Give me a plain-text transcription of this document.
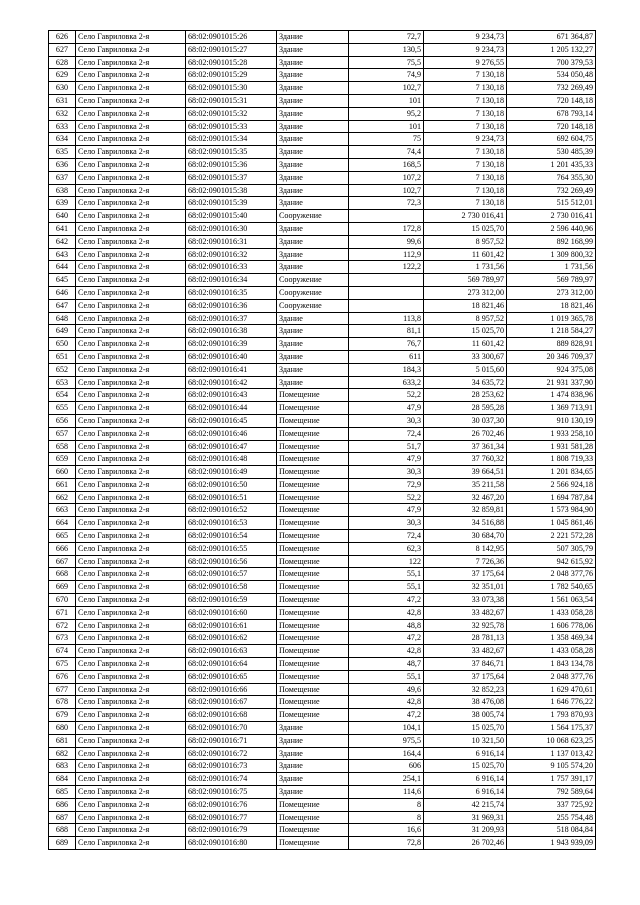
626	Село Гавриловка 2-я	68:02:0901015:26	Здание	72,7	9 234,73	671 364,87
627	Село Гавриловка 2-я	68:02:0901015:27	Здание	130,5	9 234,73	1 205 132,27
628	Село Гавриловка 2-я	68:02:0901015:28	Здание	75,5	9 276,55	700 379,53
629	Село Гавриловка 2-я	68:02:0901015:29	Здание	74,9	7 130,18	534 050,48
630	Село Гавриловка 2-я	68:02:0901015:30	Здание	102,7	7 130,18	732 269,49
631	Село Гавриловка 2-я	68:02:0901015:31	Здание	101	7 130,18	720 148,18
632	Село Гавриловка 2-я	68:02:0901015:32	Здание	95,2	7 130,18	678 793,14
633	Село Гавриловка 2-я	68:02:0901015:33	Здание	101	7 130,18	720 148,18
634	Село Гавриловка 2-я	68:02:0901015:34	Здание	75	9 234,73	692 604,75
635	Село Гавриловка 2-я	68:02:0901015:35	Здание	74,4	7 130,18	530 485,39
636	Село Гавриловка 2-я	68:02:0901015:36	Здание	168,5	7 130,18	1 201 435,33
637	Село Гавриловка 2-я	68:02:0901015:37	Здание	107,2	7 130,18	764 355,30
638	Село Гавриловка 2-я	68:02:0901015:38	Здание	102,7	7 130,18	732 269,49
639	Село Гавриловка 2-я	68:02:0901015:39	Здание	72,3	7 130,18	515 512,01
640	Село Гавриловка 2-я	68:02:0901015:40	Сооружение		2 730 016,41	2 730 016,41
641	Село Гавриловка 2-я	68:02:0901016:30	Здание	172,8	15 025,70	2 596 440,96
642	Село Гавриловка 2-я	68:02:0901016:31	Здание	99,6	8 957,52	892 168,99
643	Село Гавриловка 2-я	68:02:0901016:32	Здание	112,9	11 601,42	1 309 800,32
644	Село Гавриловка 2-я	68:02:0901016:33	Здание	122,2	1 731,56	1 731,56
645	Село Гавриловка 2-я	68:02:0901016:34	Сооружение		569 789,97	569 789,97
646	Село Гавриловка 2-я	68:02:0901016:35	Сооружение		273 312,00	273 312,00
647	Село Гавриловка 2-я	68:02:0901016:36	Сооружение		18 821,46	18 821,46
648	Село Гавриловка 2-я	68:02:0901016:37	Здание	113,8	8 957,52	1 019 365,78
649	Село Гавриловка 2-я	68:02:0901016:38	Здание	81,1	15 025,70	1 218 584,27
650	Село Гавриловка 2-я	68:02:0901016:39	Здание	76,7	11 601,42	889 828,91
651	Село Гавриловка 2-я	68:02:0901016:40	Здание	611	33 300,67	20 346 709,37
652	Село Гавриловка 2-я	68:02:0901016:41	Здание	184,3	5 015,60	924 375,08
653	Село Гавриловка 2-я	68:02:0901016:42	Здание	633,2	34 635,72	21 931 337,90
654	Село Гавриловка 2-я	68:02:0901016:43	Помещение	52,2	28 253,62	1 474 838,96
655	Село Гавриловка 2-я	68:02:0901016:44	Помещение	47,9	28 595,28	1 369 713,91
656	Село Гавриловка 2-я	68:02:0901016:45	Помещение	30,3	30 037,30	910 130,19
657	Село Гавриловка 2-я	68:02:0901016:46	Помещение	72,4	26 702,46	1 933 258,10
658	Село Гавриловка 2-я	68:02:0901016:47	Помещение	51,7	37 361,34	1 931 581,28
659	Село Гавриловка 2-я	68:02:0901016:48	Помещение	47,9	37 760,32	1 808 719,33
660	Село Гавриловка 2-я	68:02:0901016:49	Помещение	30,3	39 664,51	1 201 834,65
661	Село Гавриловка 2-я	68:02:0901016:50	Помещение	72,9	35 211,58	2 566 924,18
662	Село Гавриловка 2-я	68:02:0901016:51	Помещение	52,2	32 467,20	1 694 787,84
663	Село Гавриловка 2-я	68:02:0901016:52	Помещение	47,9	32 859,81	1 573 984,90
664	Село Гавриловка 2-я	68:02:0901016:53	Помещение	30,3	34 516,88	1 045 861,46
665	Село Гавриловка 2-я	68:02:0901016:54	Помещение	72,4	30 684,70	2 221 572,28
666	Село Гавриловка 2-я	68:02:0901016:55	Помещение	62,3	8 142,95	507 305,79
667	Село Гавриловка 2-я	68:02:0901016:56	Помещение	122	7 726,36	942 615,92
668	Село Гавриловка 2-я	68:02:0901016:57	Помещение	55,1	37 175,64	2 048 377,76
669	Село Гавриловка 2-я	68:02:0901016:58	Помещение	55,1	32 351,01	1 782 540,65
670	Село Гавриловка 2-я	68:02:0901016:59	Помещение	47,2	33 073,38	1 561 063,54
671	Село Гавриловка 2-я	68:02:0901016:60	Помещение	42,8	33 482,67	1 433 058,28
672	Село Гавриловка 2-я	68:02:0901016:61	Помещение	48,8	32 925,78	1 606 778,06
673	Село Гавриловка 2-я	68:02:0901016:62	Помещение	47,2	28 781,13	1 358 469,34
674	Село Гавриловка 2-я	68:02:0901016:63	Помещение	42,8	33 482,67	1 433 058,28
675	Село Гавриловка 2-я	68:02:0901016:64	Помещение	48,7	37 846,71	1 843 134,78
676	Село Гавриловка 2-я	68:02:0901016:65	Помещение	55,1	37 175,64	2 048 377,76
677	Село Гавриловка 2-я	68:02:0901016:66	Помещение	49,6	32 852,23	1 629 470,61
678	Село Гавриловка 2-я	68:02:0901016:67	Помещение	42,8	38 476,08	1 646 776,22
679	Село Гавриловка 2-я	68:02:0901016:68	Помещение	47,2	38 005,74	1 793 870,93
680	Село Гавриловка 2-я	68:02:0901016:70	Здание	104,1	15 025,70	1 564 175,37
681	Село Гавриловка 2-я	68:02:0901016:71	Здание	975,5	10 321,50	10 068 623,25
682	Село Гавриловка 2-я	68:02:0901016:72	Здание	164,4	6 916,14	1 137 013,42
683	Село Гавриловка 2-я	68:02:0901016:73	Здание	606	15 025,70	9 105 574,20
684	Село Гавриловка 2-я	68:02:0901016:74	Здание	254,1	6 916,14	1 757 391,17
685	Село Гавриловка 2-я	68:02:0901016:75	Здание	114,6	6 916,14	792 589,64
686	Село Гавриловка 2-я	68:02:0901016:76	Помещение	8	42 215,74	337 725,92
687	Село Гавриловка 2-я	68:02:0901016:77	Помещение	8	31 969,31	255 754,48
688	Село Гавриловка 2-я	68:02:0901016:79	Помещение	16,6	31 209,93	518 084,84
689	Село Гавриловка 2-я	68:02:0901016:80	Помещение	72,8	26 702,46	1 943 939,09
